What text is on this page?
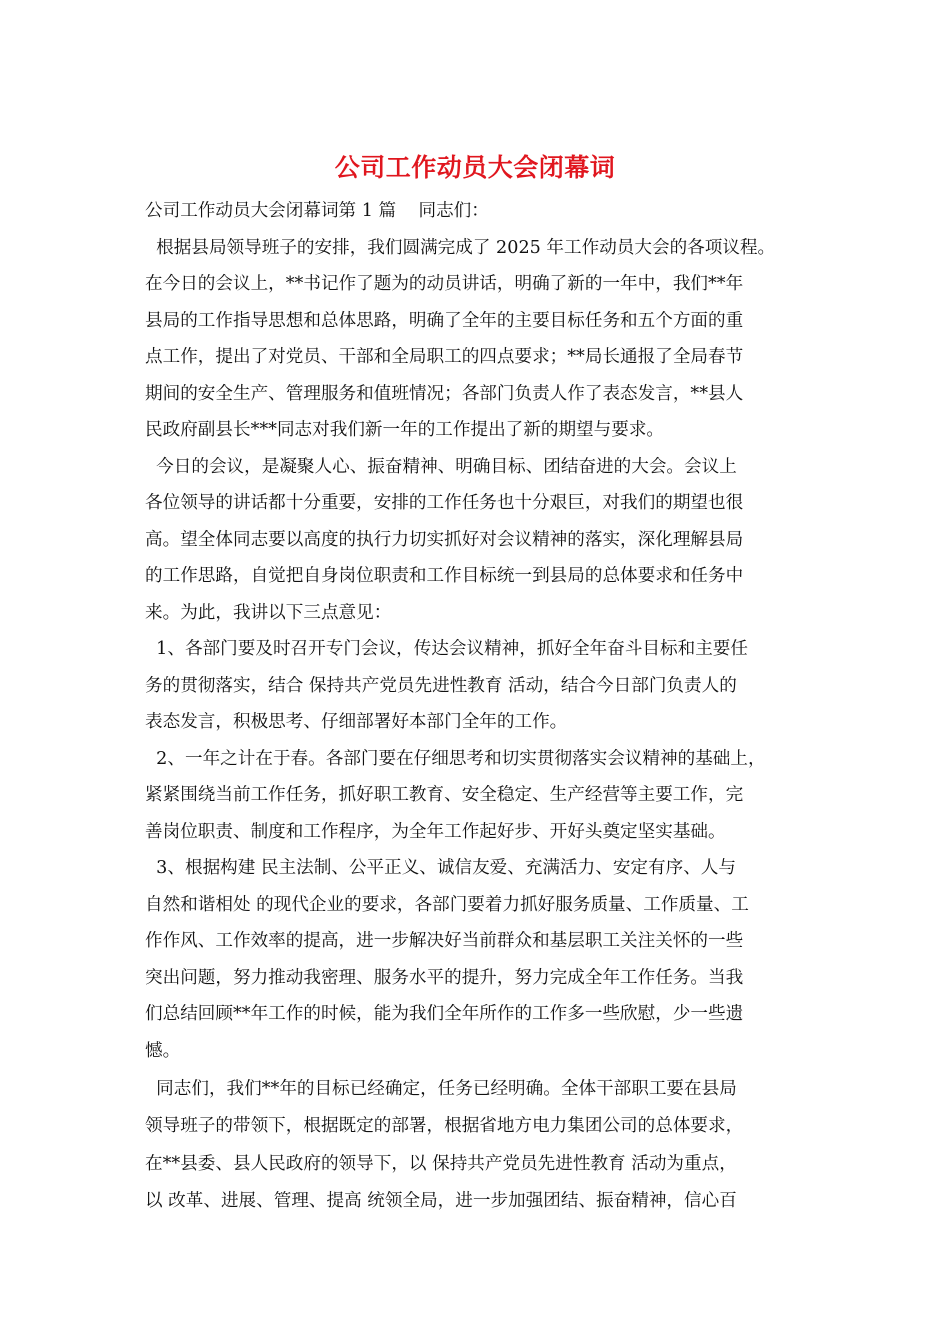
公司工作动员大会闭幕词

公司工作动员大会闭幕词第 1 篇    同志们：

根据县局领导班子的安排，我们圆满完成了 2025 年工作动员大会的各项议程。

在今日的会议上，**书记作了题为的动员讲话，明确了新的一年中，我们**年

县局的工作指导思想和总体思路，明确了全年的主要目标任务和五个方面的重

点工作，提出了对党员、干部和全局职工的四点要求；**局长通报了全局春节

期间的安全生产、管理服务和值班情况；各部门负责人作了表态发言，**县人

民政府副县长***同志对我们新一年的工作提出了新的期望与要求。

今日的会议，是凝聚人心、振奋精神、明确目标、团结奋进的大会。会议上

各位领导的讲话都十分重要，安排的工作任务也十分艰巨，对我们的期望也很

高。望全体同志要以高度的执行力切实抓好对会议精神的落实，深化理解县局

的工作思路，自觉把自身岗位职责和工作目标统一到县局的总体要求和任务中

来。为此，我讲以下三点意见：

1、各部门要及时召开专门会议，传达会议精神，抓好全年奋斗目标和主要任

务的贯彻落实，结合 保持共产党员先进性教育 活动，结合今日部门负责人的

表态发言，积极思考、仔细部署好本部门全年的工作。

2、一年之计在于春。各部门要在仔细思考和切实贯彻落实会议精神的基础上，

紧紧围绕当前工作任务，抓好职工教育、安全稳定、生产经营等主要工作，完

善岗位职责、制度和工作程序，为全年工作起好步、开好头奠定坚实基础。

3、根据构建 民主法制、公平正义、诚信友爱、充满活力、安定有序、人与

自然和谐相处 的现代企业的要求，各部门要着力抓好服务质量、工作质量、工

作作风、工作效率的提高，进一步解决好当前群众和基层职工关注关怀的一些

突出问题，努力推动我密理、服务水平的提升，努力完成全年工作任务。当我

们总结回顾**年工作的时候，能为我们全年所作的工作多一些欣慰，少一些遗

憾。

同志们，我们**年的目标已经确定，任务已经明确。全体干部职工要在县局

领导班子的带领下，根据既定的部署，根据省地方电力集团公司的总体要求，

在**县委、县人民政府的领导下，以 保持共产党员先进性教育 活动为重点，

以 改革、进展、管理、提高 统领全局，进一步加强团结、振奋精神，信心百
